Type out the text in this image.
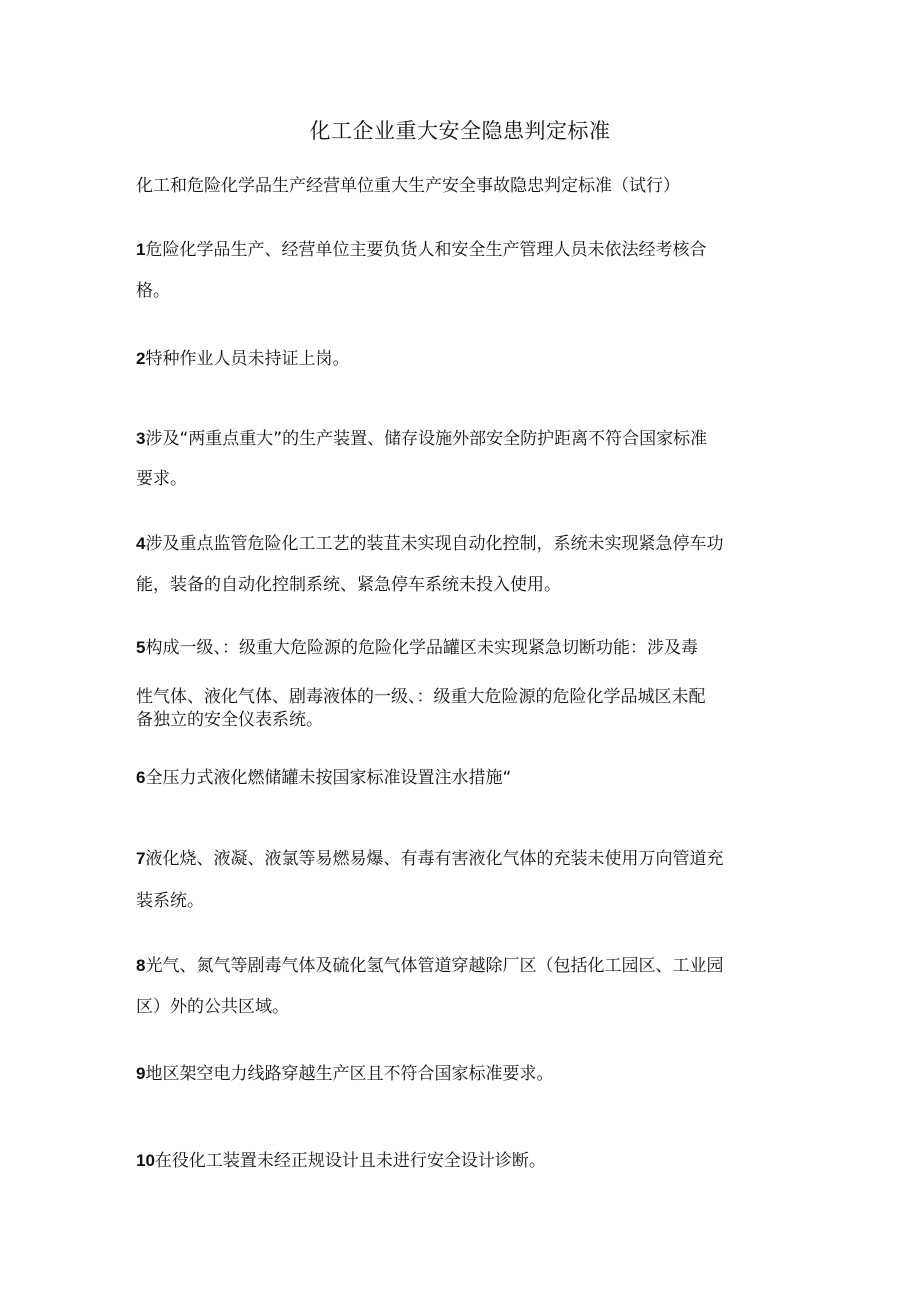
化工企业重大安全隐患判定标准
化工和危险化学品生产经营单位重大生产安全事故隐忠判定标准（试行）
1危险化学品生产、经营单位主要负货人和安全生产管理人员未依法经考核合
格。
2特种作业人员未持证上岗。
3涉及“两重点重大”的生产装置、储存设施外部安全防护距离不符合国家标准
要求。
4涉及重点监管危险化工工艺的装苴未实现自动化控制，系统未实现紧急停车功
能，装备的自动化控制系统、紧急停车系统未投入使用。
5构成一级、：级重大危险源的危险化学品罐区未实现紧急切断功能：涉及毒
性气体、液化气体、剧毒液体的一级、：级重大危险源的危险化学品城区未配
备独立的安全仪表系统。
6全压力式液化燃储罐未按国家标准设置注水措施“
7液化烧、液凝、液氯等易燃易爆、有毒有害液化气体的充装未使用万向管道充
装系统。
8光气、氮气等剧毒气体及硫化氢气体管道穿越除厂区（包括化工园区、工业园
区）外的公共区域。
9地区架空电力线路穿越生产区且不符合国家标准要求。
10在役化工装置未经正规设计且未进行安全设计诊断。
